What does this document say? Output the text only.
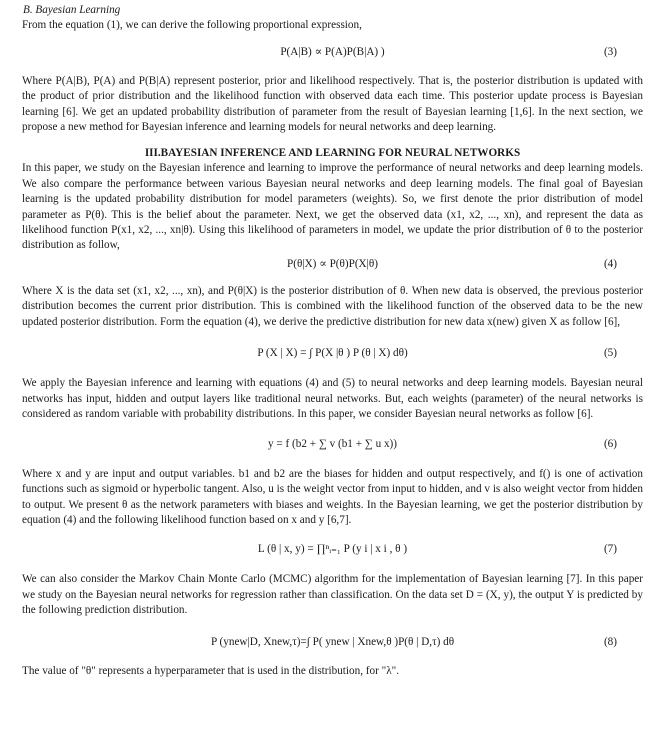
B. Bayesian Learning

From the equation (1), we can derive the following proportional expression,

P(A|B) ∝ P(A)P(B|A) )	(3)

Where P(A|B), P(A) and P(B|A) represent posterior, prior and likelihood respectively. That is, the posterior distribution is updated with the product of prior distribution and the likelihood function with observed data each time. This posterior update process is Bayesian learning [6]. We get an updated probability distribution of parameter from the result of Bayesian learning [1,6]. In the next section, we propose a new method for Bayesian inference and learning models for neural networks and deep learning.

III.BAYESIAN INFERENCE AND LEARNING FOR NEURAL NETWORKS

In this paper, we study on the Bayesian inference and learning to improve the performance of neural networks and deep learning models. We also compare the performance between various Bayesian neural networks and deep learning models. The final goal of Bayesian learning is the updated probability distribution for model parameters (weights). So, we first denote the prior distribution of model parameter as P(θ). This is the belief about the parameter. Next, we get the observed data (x1, x2, ..., xn), and represent the data as likelihood function P(x1, x2, ..., xn|θ). Using this likelihood of parameters in model, we update the prior distribution of θ to the posterior distribution as follow,

P(θ|X) ∝ P(θ)P(X|θ)	(4)

Where X is the data set (x1, x2, ..., xn), and P(θ|X) is the posterior distribution of θ. When new data is observed, the previous posterior distribution becomes the current prior distribution. This is combined with the likelihood function of the observed data to be the new updated posterior distribution. Form the equation (4), we derive the predictive distribution for new data x(new) given X as follow [6],

P (X | X) = ∫ P(X |θ ) P (θ | X) dθ)	(5)

We apply the Bayesian inference and learning with equations (4) and (5) to neural networks and deep learning models. Bayesian neural networks has input, hidden and output layers like traditional neural networks. But, each weights (parameter) of the neural networks is considered as random variable with probability distributions. In this paper, we consider Bayesian neural networks as follow [6].

y = f (b2 + ∑ v (b1 + ∑ u x))	(6)

Where x and y are input and output variables. b1 and b2 are the biases for hidden and output respectively, and f() is one of activation functions such as sigmoid or hyperbolic tangent. Also, u is the weight vector from input to hidden, and v is also weight vector from hidden to output. We present θ as the network parameters with biases and weights. In the Bayesian learning, we get the posterior distribution by equation (4) and the following likelihood function based on x and y [6,7].

L (θ | x, y) = ∏ⁿᵢ₌₁ P (y i | x i , θ )	(7)

We can also consider the Markov Chain Monte Carlo (MCMC) algorithm for the implementation of Bayesian learning [7]. In this paper we study on the Bayesian neural networks for regression rather than classification. On the data set D = (X, y), the output Y is predicted by the following prediction distribution.

P (ynew|D, Xnew,τ)=∫ P( ynew | Xnew,θ )P(θ | D,τ) dθ	(8)

The value of "θ" represents a hyperparameter that is used in the distribution, for "λ".
